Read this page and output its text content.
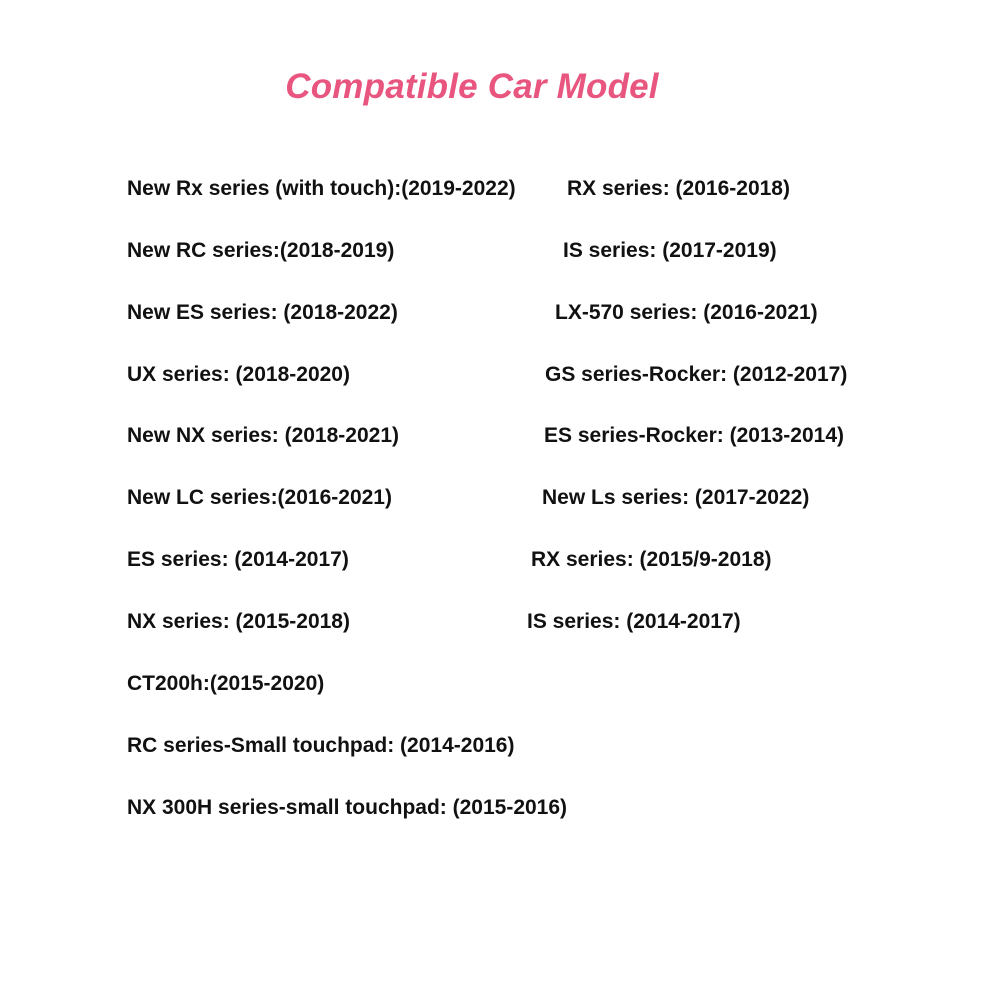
Compatible Car Model
New Rx series (with touch):(2019-2022)
New RC series:(2018-2019)
New ES series: (2018-2022)
UX series: (2018-2020)
New NX series: (2018-2021)
New LC series:(2016-2021)
ES series: (2014-2017)
NX series: (2015-2018)
CT200h:(2015-2020)
RC series-Small touchpad: (2014-2016)
NX 300H series-small touchpad: (2015-2016)
RX series: (2016-2018)
IS series: (2017-2019)
LX-570 series: (2016-2021)
GS series-Rocker: (2012-2017)
ES series-Rocker: (2013-2014)
New Ls series: (2017-2022)
RX series: (2015/9-2018)
IS series: (2014-2017)
